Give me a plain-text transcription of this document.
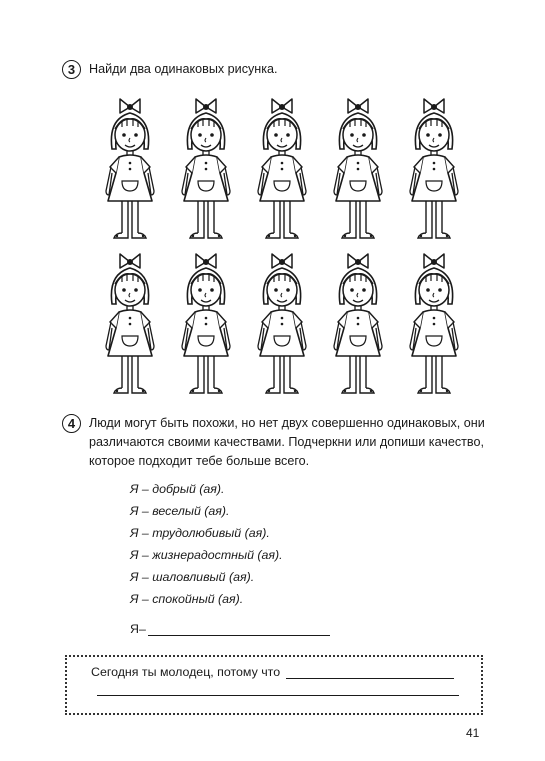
3	Найди два одинаковых рисунка.
4	Люди могут быть похожи, но нет двух совершенно одинаковых, они
различаются своими качествами. Подчеркни или допиши качество,
которое подходит тебе больше всего.
Я – добрый (ая).
Я – веселый (ая).
Я – трудолюбивый (ая).
Я – жизнерадостный (ая).
Я – шаловливый (ая).
Я – спокойный (ая).
Я–
Сегодня ты молодец, потому что
41
